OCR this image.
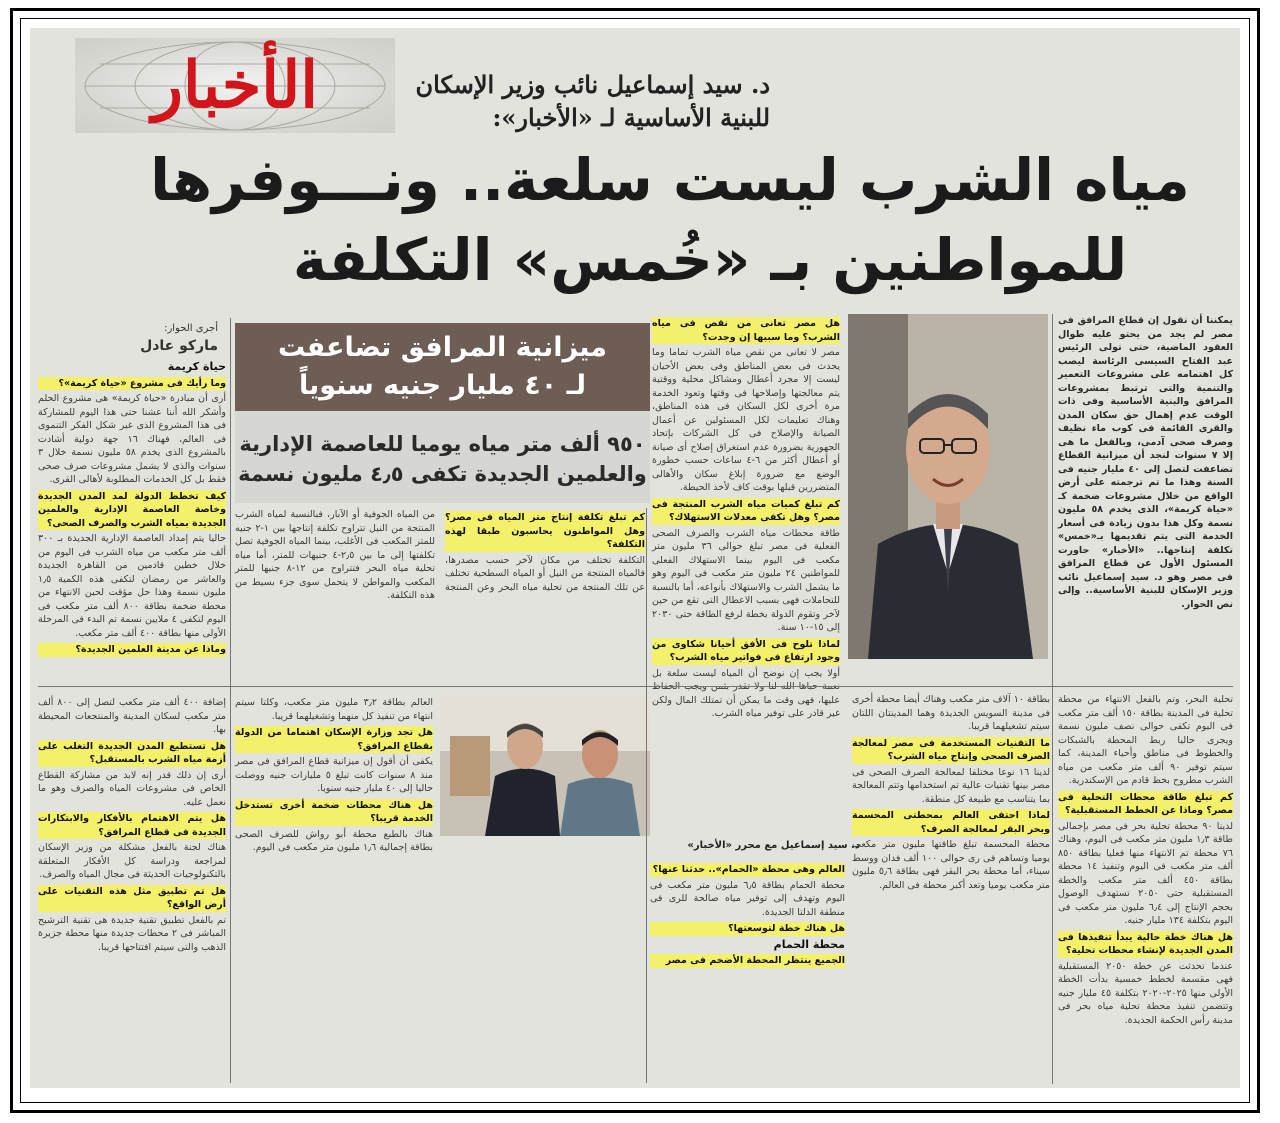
الأخبار	د. سيد إسماعيل نائب وزير الإسكان
للبنية الأساسية لـ «الأخبار»:
مياه الشرب ليست سلعة.. ونـــوفرها
للمواطنين بـ «خُمس» التكلفة
أجرى الحوار:
ماركو عادل	ميزانية المرافق تضاعفت
لـ ٤٠ مليار جنيه سنوياً
٩٥٠ ألف متر مياه يوميا للعاصمة الإدارية
والعلمين الجديدة تكفى ٤٫٥ مليون نسمة

يمكننا أن نقول إن قطاع المرافق فى مصر لم يجد من يحتو عليه طوال العقود الماضية، حتى تولى الرئيس عبد الفتاح السيسى الرئاسة ليصب كل اهتمامه على مشروعات التعمير والتنمية والتى ترتبط بمشروعات المرافق والبنية الأساسية وفى ذات الوقت عدم إهمال حق سكان المدن والقرى القائمة فى كوب ماء نظيف وصرف صحى آدمى، وبالفعل ما هى إلا ٧ سنوات لنجد أن ميزانية القطاع تضاعفت لتصل إلى ٤٠ مليار جنيه فى السنة وهذا ما تم ترجمته على أرض الواقع من خلال مشروعات ضخمة كـ «حياة كريمة»، الذى يخدم ٥٨ مليون نسمة وكل هذا بدون زيادة فى أسعار الخدمة التى يتم تقديمها بـ«خمس» تكلفة إنتاجها.. «الأخبار» حاورت المسئول الأول عن قطاع المرافق فى مصر وهو د. سيد إسماعيل نائب وزير الإسكان للبنية الأساسية.. وإلى نص الحوار.

هل مصر تعانى من نقص فى مياه الشرب؟ وما سببها إن وجدت؟

مصر لا تعانى من نقص مياه الشرب تماما وما يحدث فى بعض المناطق وفى بعض الأحيان ليست إلا مجرد أعطال ومشاكل محلية ووقتية يتم معالجتها وإصلاحها فى وقتها وتعود الخدمة مرة أخرى لكل السكان فى هذه المناطق، وهناك تعليمات لكل المسئولين عن أعمال الصيانة والإصلاح فى كل الشركات بإتحاد الجهورية بضرورة عدم استغراق إصلاح أى صيانة أو أعطال أكثر من ٦-٤ ساعات حسب خطورة الوضع مع ضرورة إبلاغ سكان والأهالى المتضررين قبلها بوقت كاف لأخذ الحيطة.

كم تبلغ كميات مياه الشرب المنتجة فى مصر؟ وهل تكفى معدلات الاستهلاك؟

طاقة محطات مياه الشرب والصرف الصحى الفعلية فى مصر تبلغ حوالى ٣٦ مليون متر مكعب فى اليوم بينما الاستهلاك الفعلى للمواطنين ٢٤ مليون متر مكعب فى اليوم وهو ما يشمل الشرب والاستهلاك بأنواعه، أما بالنسبة للتحاملات فهى بسبب الاعطال التى تقع من حين لآخر وتقوم الدولة بخطة لرفع الطاقة حتى ٢٠٣٠ إلى ١٥-١٠ سنة.

لماذا تلوح فى الأفق أحيانا شكاوى من وجود ارتفاع فى فواتير مياه الشرب؟

أولا يجب إن نوضح أن المياه ليست سلعة بل عليها، فهى وقت ما يمكن أن تمتلك المال ولكن غير قادر على توفير مياه الشرب.

كم تبلغ تكلفة إنتاج متر المياه فى مصر؟ وهل المواطنون يحاسبون طبقا لهذه التكلفة؟

التكلفة تختلف من مكان لآخر حسب مصدرها، فالمياه المنتجة من النيل أو المياه السطحية تختلف عن تلك المنتجة من تحلية مياه البحر وعن المنتجة من المياه الجوفية أو الآبار، فبالنسبة لمياه الشرب المنتجة من النيل تتراوح تكلفة إنتاجها بين ١-٢ جنيه للمتر المكعب فى الأغلب، بينما المياه الجوفية تصل تكلفتها إلى ما بين ٢٫٥-٤ جنيهات للمتر، أما مياه تحلية مياه البحر فتتراوح من ١٢-٨ جنيها للمتر المكعب والمواطن لا يتحمل سوى جزء بسيط من هذه التكلفة.

حياة كريمة
وما رأيك فى مشروع «حياة كريمة»؟

أرى أن مبادرة «حياة كريمة» هى مشروع الحلم وأشكر الله أننا عشنا حتى هذا اليوم للمشاركة فى هذا المشروع الذى غير شكل الفكر التنموى فى العالم، فهناك ١٦ جهة دولية أشادت بالمشروع الذى يخدم ٥٨ مليون نسمة خلال ٣ سنوات والذى لا يشمل مشروعات صرف صحى فقط بل كل الخدمات المطلوبة لأهالى القرى.

كيف تخطط الدولة لمد المدن الجديدة وخاصة العاصمة الإدارية والعلمين الجديدة بمياه الشرب والصرف الصحى؟

حاليا يتم إمداد العاصمة الإدارية الجديدة بـ ٣٠٠ ألف متر مكعب من مياه الشرب فى اليوم من خلال خطين قادمين من القاهرة الجديدة والعاشر من رمضان لتكفى هذه الكمية ١٫٥ مليون نسمة وهذا حل مؤقت لحين الانتهاء من محطة ضخمة بطاقة ٨٠٠ ألف متر مكعب فى اليوم لتكفى ٤ ملايين نسمة تم البدء فى المرحلة الأولى منها بطاقة ٤٠٠ ألف متر مكعب.

وماذا عن مدينة العلمين الجديدة؟
د. سيد إسماعيل مع محرر «الأخبار»

تحلية البحر، وتم بالفعل الانتهاء من محطة تحلية فى المدينة بطاقة ١٥٠ ألف متر مكعب فى اليوم تكفى حوالى نصف مليون نسمة ويجرى حاليا ربط المحطة بالشبكات والخطوط فى مناطق وأحياء المدينة، كما سيتم توفير ٩٠ ألف متر مكعب من مياه الشرب مطروح بخط قادم من الإسكندرية.

كم تبلغ طاقة محطات التحلية فى مصر؟ وماذا عن الخطط المستقبلية؟

لدينا ٩٠ محطة تحلية بحر فى مصر بإجمالى طاقة ١٫٣ مليون متر مكعب فى اليوم، وهناك ٧٦ محطة تم الانتهاء منها فعليا بطاقة ٨٥٠ ألف متر مكعب فى اليوم وتنفيذ ١٤ محطة بطاقة ٤٥٠ ألف متر مكعب والخطة المستقبلية حتى ٢٠٥٠ تستهدف الوصول بحجم الإنتاج إلى ٦٫٤ مليون متر مكعب فى اليوم بتكلفة ١٣٤ مليار جنيه.

هل هناك خطة حالية يبدأ تنفيذها فى المدن الجديدة لإنشاء محطات تحلية؟

عندما تحدثت عن خطة ٢٠٥٠ المستقبلية فهى مقسمة لخطط خمسية بدأت الخطة الأولى منها ٢٠٢٥-٢٠٢٠ بتكلفة ٤٥ مليار جنيه وتتضمن تنفيذ محطة تحلية مياه بحر فى مدينة رأس الحكمة الجديدة.

بطاقة ١٠ آلاف متر مكعب وهناك أيضا محطة أخرى فى مدينة السويس الجديدة وهما المدينتان اللتان سيتم تشغيلهما قريبا.

ما التقنيات المستخدمة فى مصر لمعالجة الصرف الصحى وإنتاج مياه الشرب؟

لدينا ١٦ نوعا مختلفا لمعالجة الصرف الصحى فى مصر بينها تقنيات عالية تم استخدامها وتتم المعالجة بما يتناسب مع طبيعة كل منطقة.

لماذا احتفى العالم بمحطتى المحسمة وبحر البقر لمعالجة الصرف؟

محطة المحسمة تبلغ طاقتها مليون متر مكعب يوميا وتساهم فى رى حوالى ١٠٠ ألف فدان ووسط سيناء، أما محطة بحر البقر فهى بطاقة ٥٫٦ مليون متر مكعب يوميا وتعد أكبر محطة فى العالم.

العالم وهى محطة «الحمام».. حدثنا عنها؟

محطة الحمام بطاقة ٦٫٥ مليون متر مكعب فى اليوم وتهدف إلى توفير مياه صالحة للرى فى منطقة الدلتا الجديدة.

هل هناك خطة لتوسعتها؟
محطة الحمام
الجميع ينتظر المحطة الأضخم فى مصر

العالم بطاقة ٣٫٢ مليون متر مكعب، وكلتا سيتم انتهاء من تنفيذ كل منهما وتشغيلهما قريبا.

هل تجد وزارة الإسكان اهتماما من الدولة بقطاع المرافق؟

يكفى أن أقول إن ميزانية قطاع المرافق فى مصر منذ ٨ سنوات كانت تبلغ ٥ مليارات جنيه ووصلت حاليا إلى ٤٠ مليار جنيه سنويا.

هل هناك محطات ضخمة أخرى تستدخل الخدمة قريبا؟

هناك بالطبع محطة أبو رواش للصرف الصحى بطاقة إجمالية ١٫٦ مليون متر مكعب فى اليوم.

إضافة ٤٠٠ ألف متر مكعب لتصل إلى ٨٠٠ ألف متر مكعب لسكان المدينة والمنتجعات المحيطة بها.

هل تستطيع المدن الجديدة التغلب على أزمة مياه الشرب بالمستقبل؟

أرى إن ذلك قدر إنه لابد من مشاركة القطاع الخاص فى مشروعات المياه والصرف وهو ما نعمل عليه.

هل يتم الاهتمام بالأفكار والابتكارات الجديدة فى قطاع المرافق؟

هناك لجنة بالفعل مشكلة من وزير الإسكان لمراجعة ودراسة كل الأفكار المتعلقة بالتكنولوجيات الحديثة فى مجال المياه والصرف.

هل تم تطبيق مثل هذه التقنيات على أرض الواقع؟

تم بالفعل تطبيق تقنية جديدة هى تقنية الترشيح المباشر فى ٢ محطات جديدة منها محطة جزيرة الذهب والتى سيتم افتتاحها قريبا.
